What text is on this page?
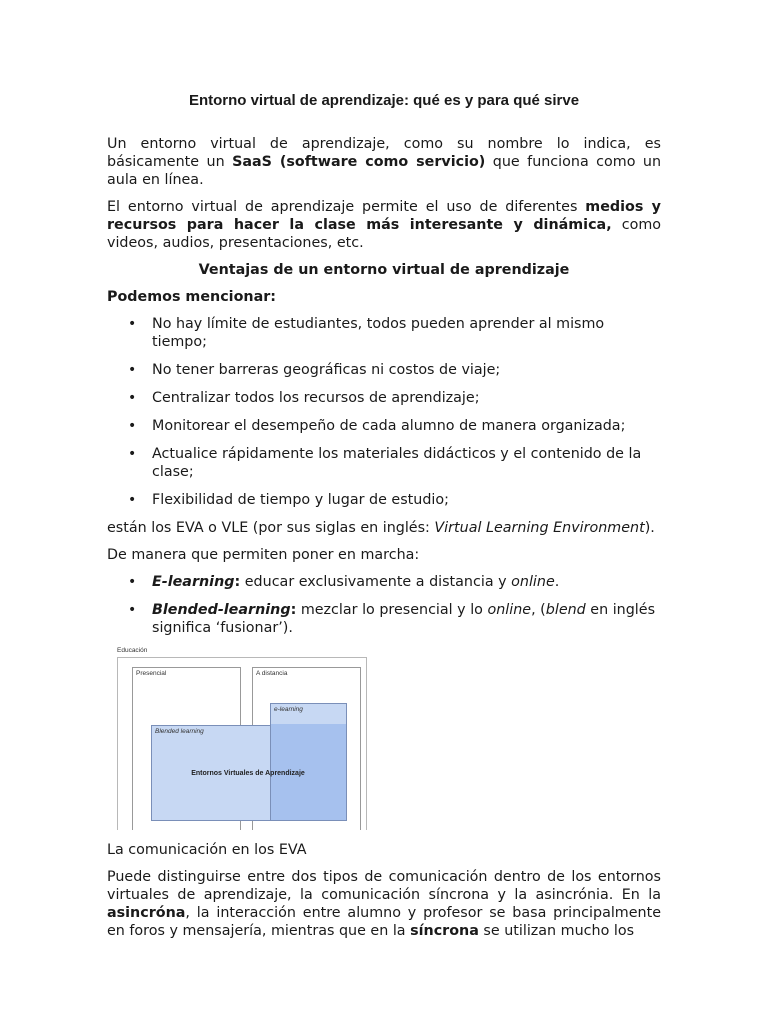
Entorno virtual de aprendizaje: qué es y para qué sirve

Un entorno virtual de aprendizaje, como su nombre lo indica, es básicamente un SaaS (software como servicio) que funciona como un aula en línea.

El entorno virtual de aprendizaje permite el uso de diferentes medios y recursos para hacer la clase más interesante y dinámica, como videos, audios, presentaciones, etc.

Ventajas de un entorno virtual de aprendizaje
Podemos mencionar:
• No hay límite de estudiantes, todos pueden aprender al mismo tiempo;
• No tener barreras geográficas ni costos de viaje;
• Centralizar todos los recursos de aprendizaje;
• Monitorear el desempeño de cada alumno de manera organizada;
• Actualice rápidamente los materiales didácticos y el contenido de la clase;
• Flexibilidad de tiempo y lugar de estudio;

están los EVA o VLE (por sus siglas en inglés: Virtual Learning Environment).

De manera que permiten poner en marcha:

• E-learning: educar exclusivamente a distancia y online.
• Blended-learning: mezclar lo presencial y lo online, (blend en inglés significa ‘fusionar’).
Educación
Presencial	A distancia
e-learning
Blended learning
Entornos Virtuales de Aprendizaje

La comunicación en los EVA

Puede distinguirse entre dos tipos de comunicación dentro de los entornos virtuales de aprendizaje, la comunicación síncrona y la asincrónia. En la asincróna, la interacción entre alumno y profesor se basa principalmente en foros y mensajería, mientras que en la síncrona se utilizan mucho los
